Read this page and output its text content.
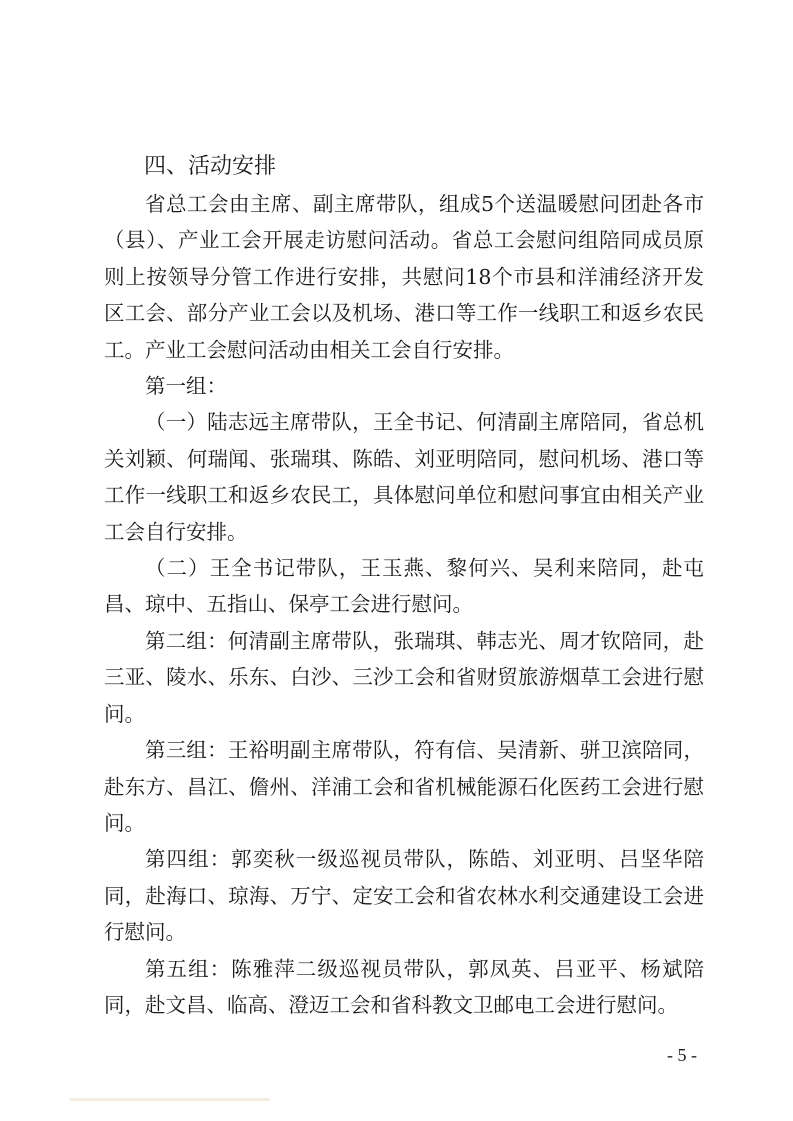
四、活动安排

省总工会由主席、副主席带队，组成5个送温暖慰问团赴各市（县）、产业工会开展走访慰问活动。省总工会慰问组陪同成员原则上按领导分管工作进行安排，共慰问18个市县和洋浦经济开发区工会、部分产业工会以及机场、港口等工作一线职工和返乡农民工。产业工会慰问活动由相关工会自行安排。

第一组：

（一）陆志远主席带队，王全书记、何清副主席陪同，省总机关刘颖、何瑞闻、张瑞琪、陈皓、刘亚明陪同，慰问机场、港口等工作一线职工和返乡农民工，具体慰问单位和慰问事宜由相关产业工会自行安排。

（二）王全书记带队，王玉燕、黎何兴、吴利来陪同，赴屯昌、琼中、五指山、保亭工会进行慰问。

第二组：何清副主席带队，张瑞琪、韩志光、周才钦陪同，赴三亚、陵水、乐东、白沙、三沙工会和省财贸旅游烟草工会进行慰问。

第三组：王裕明副主席带队，符有信、吴清新、骈卫滨陪同，赴东方、昌江、儋州、洋浦工会和省机械能源石化医药工会进行慰问。

第四组：郭奕秋一级巡视员带队，陈皓、刘亚明、吕坚华陪同，赴海口、琼海、万宁、定安工会和省农林水利交通建设工会进行慰问。

第五组：陈雅萍二级巡视员带队，郭凤英、吕亚平、杨斌陪同，赴文昌、临高、澄迈工会和省科教文卫邮电工会进行慰问。

- 5 -
